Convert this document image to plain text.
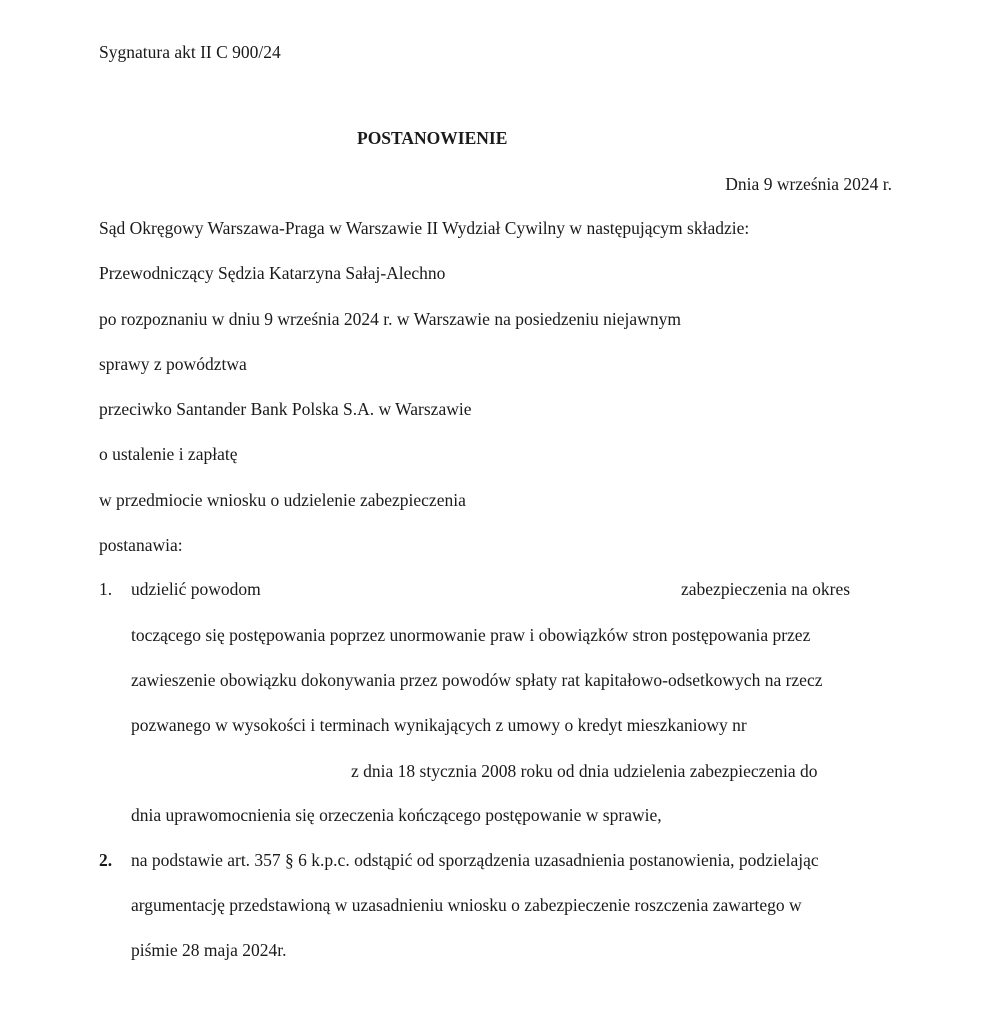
Sygnatura akt II C 900/24
POSTANOWIENIE
Dnia 9 września 2024 r.
Sąd Okręgowy Warszawa-Praga w Warszawie II Wydział Cywilny w następującym składzie:
Przewodniczący Sędzia Katarzyna Sałaj-Alechno
po rozpoznaniu w dniu 9 września 2024 r. w Warszawie na posiedzeniu niejawnym
sprawy z powództwa
przeciwko Santander Bank Polska S.A. w Warszawie
o ustalenie i zapłatę
w przedmiocie wniosku o udzielenie zabezpieczenia
postanawia:
1. udzielić powodom	zabezpieczenia na okres
toczącego się postępowania poprzez unormowanie praw i obowiązków stron postępowania przez
zawieszenie obowiązku dokonywania przez powodów spłaty rat kapitałowo-odsetkowych na rzecz
pozwanego w wysokości i terminach wynikających z umowy o kredyt mieszkaniowy nr
z dnia 18 stycznia 2008 roku od dnia udzielenia zabezpieczenia do
dnia uprawomocnienia się orzeczenia kończącego postępowanie w sprawie,
2. na podstawie art. 357 § 6 k.p.c. odstąpić od sporządzenia uzasadnienia postanowienia, podzielając
argumentację przedstawioną w uzasadnieniu wniosku o zabezpieczenie roszczenia zawartego w
piśmie 28 maja 2024r.
